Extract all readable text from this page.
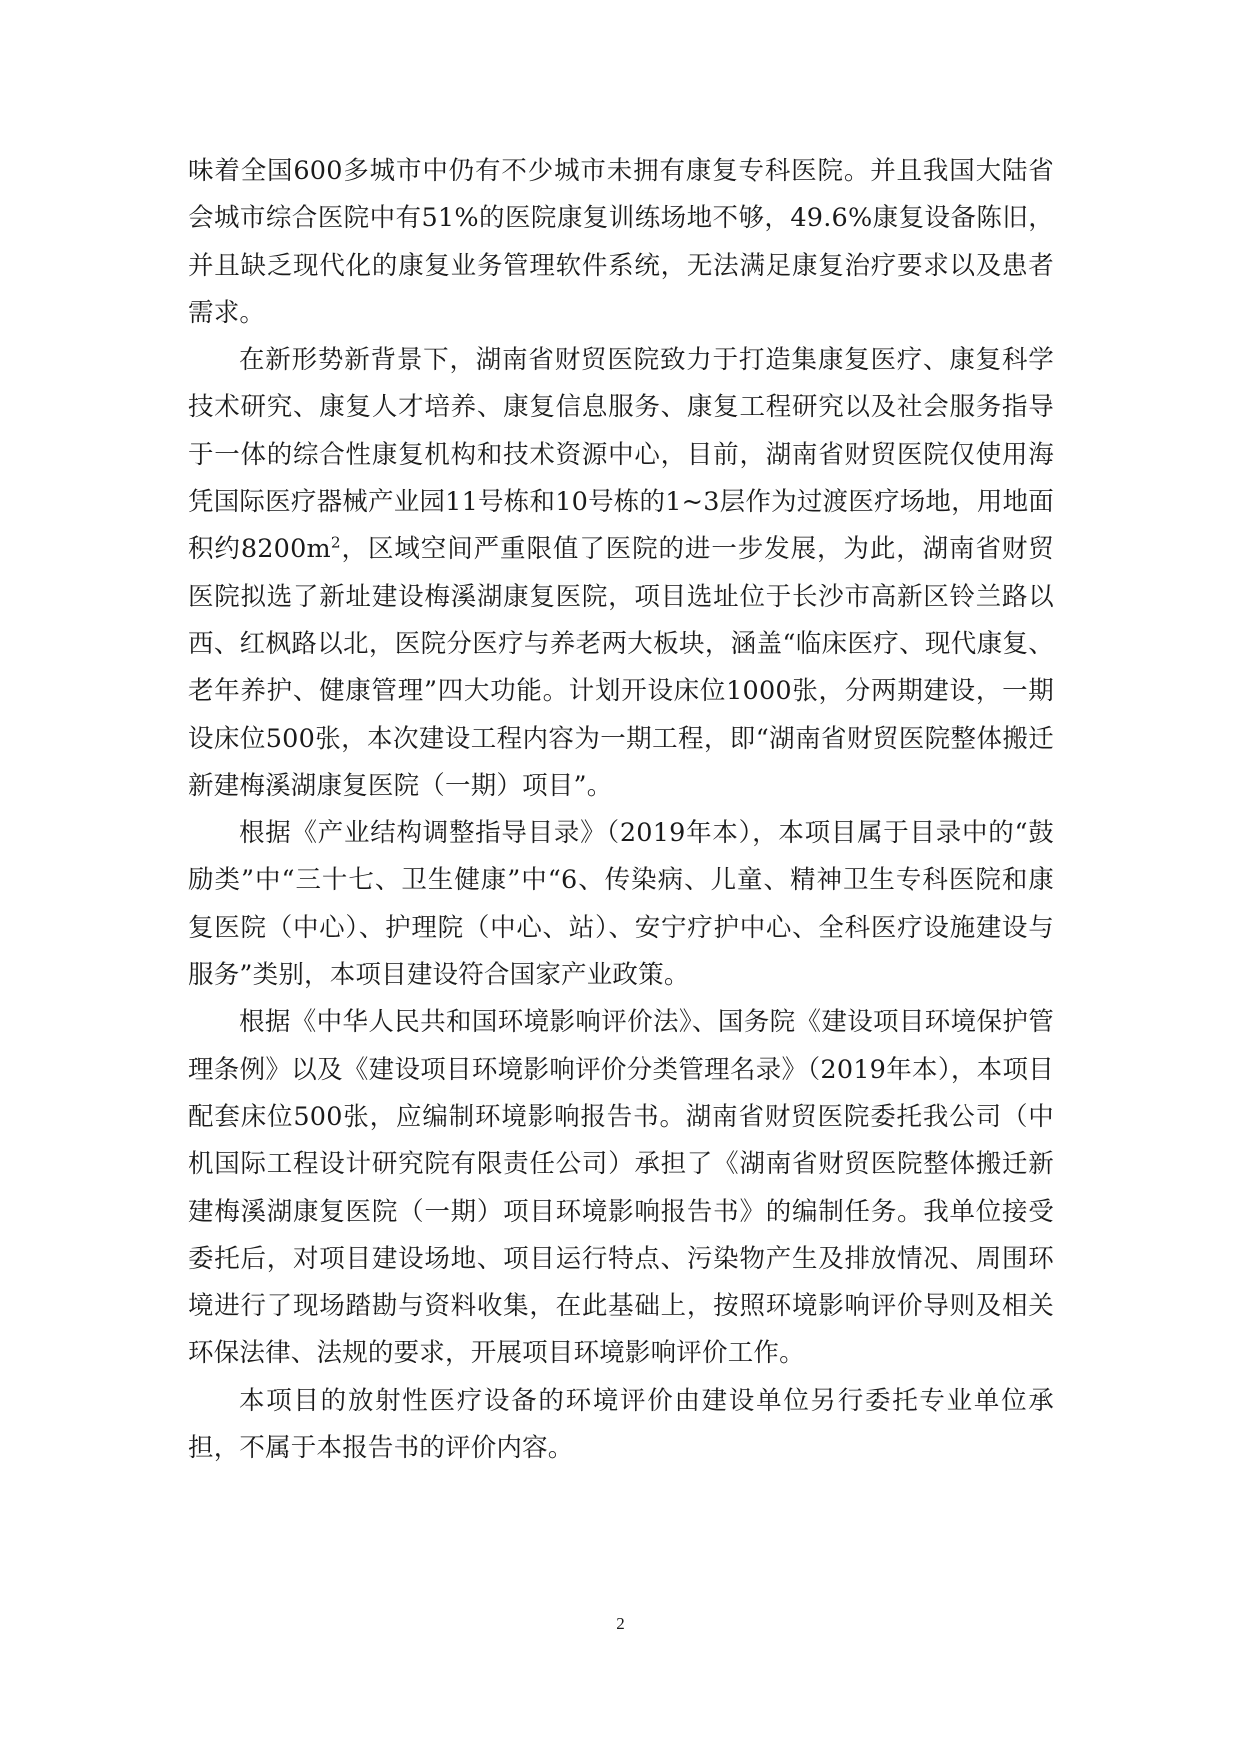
味着全国600多城市中仍有不少城市未拥有康复专科医院。并且我国大陆省会城市综合医院中有51%的医院康复训练场地不够，49.6%康复设备陈旧，并且缺乏现代化的康复业务管理软件系统，无法满足康复治疗要求以及患者需求。

在新形势新背景下，湖南省财贸医院致力于打造集康复医疗、康复科学技术研究、康复人才培养、康复信息服务、康复工程研究以及社会服务指导于一体的综合性康复机构和技术资源中心，目前，湖南省财贸医院仅使用海凭国际医疗器械产业园11号栋和10号栋的1~3层作为过渡医疗场地，用地面积约$8200m^2$，区域空间严重限值了医院的进一步发展，为此，湖南省财贸医院拟选了新址建设梅溪湖康复医院，项目选址位于长沙市高新区铃兰路以西、红枫路以北，医院分医疗与养老两大板块，涵盖“临床医疗、现代康复、老年养护、健康管理”四大功能。计划开设床位1000张，分两期建设，一期设床位500张，本次建设工程内容为一期工程，即“湖南省财贸医院整体搬迁新建梅溪湖康复医院（一期）项目”。

根据《产业结构调整指导目录》（2019年本），本项目属于目录中的“鼓励类”中“三十七、卫生健康”中“6、传染病、儿童、精神卫生专科医院和康复医院（中心）、护理院（中心、站）、安宁疗护中心、全科医疗设施建设与服务”类别，本项目建设符合国家产业政策。

根据《中华人民共和国环境影响评价法》、国务院《建设项目环境保护管理条例》以及《建设项目环境影响评价分类管理名录》（2019年本），本项目配套床位500张，应编制环境影响报告书。湖南省财贸医院委托我公司（中机国际工程设计研究院有限责任公司）承担了《湖南省财贸医院整体搬迁新建梅溪湖康复医院（一期）项目环境影响报告书》的编制任务。我单位接受委托后，对项目建设场地、项目运行特点、污染物产生及排放情况、周围环境进行了现场踏勘与资料收集，在此基础上，按照环境影响评价导则及相关环保法律、法规的要求，开展项目环境影响评价工作。

本项目的放射性医疗设备的环境评价由建设单位另行委托专业单位承担，不属于本报告书的评价内容。

2
